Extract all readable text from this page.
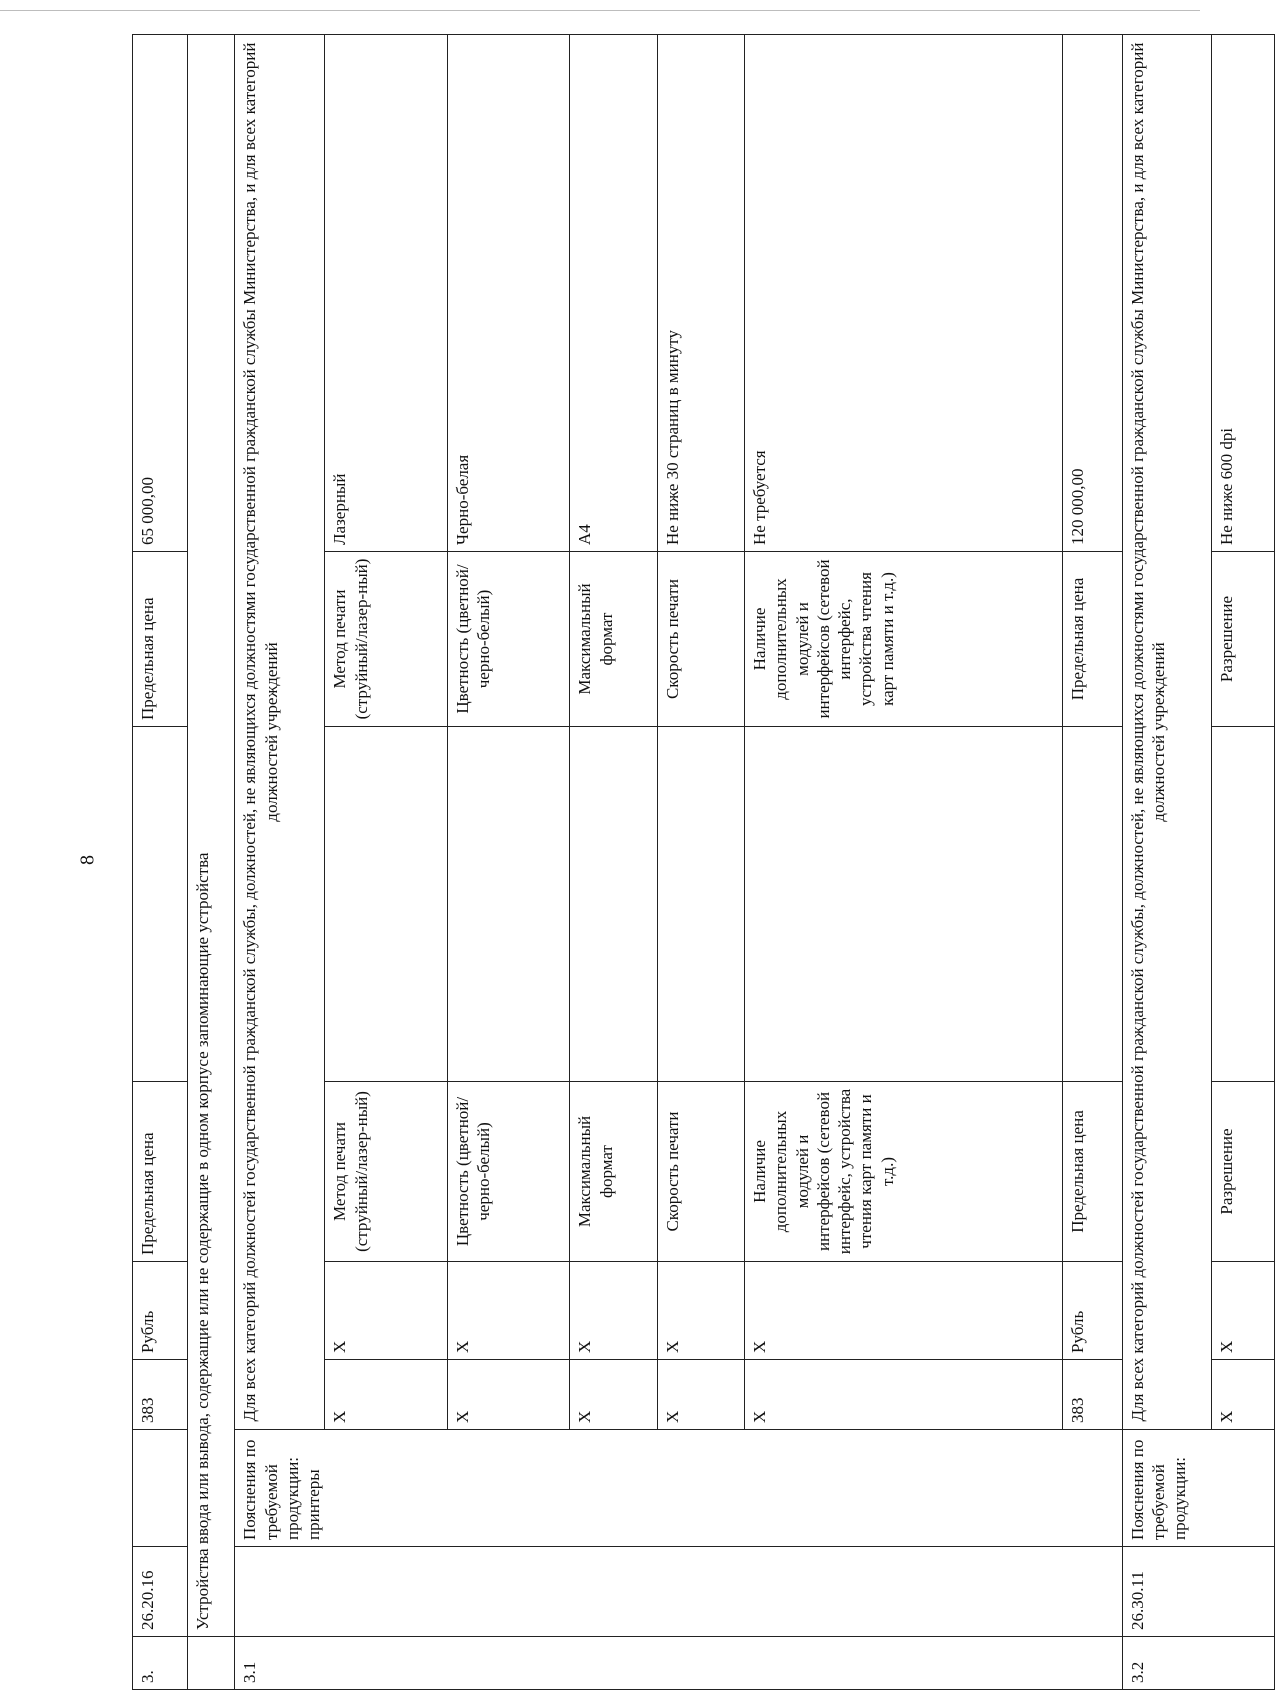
8
3.	26.20.16		383	Рубль	Предельная цена		Предельная цена	65 000,00
	Устройства ввода или вывода, содержащие или не содержащие в одном корпусе запоминающие устройства							
3.1		Пояснения по требуемой продукции: принтеры	Для всех категорий должностей государственной гражданской службы, должностей, не являющихся должностями государственной гражданской службы Министерства, и для всех категорий должностей учреждений					
			X	X	Метод печати (струйный/лазер-ный)		Метод печати (струйный/лазер-ный)	Лазерный
			X	X	Цветность (цветной/черно-белый)		Цветность (цветной/черно-белый)	Черно-белая
			X	X	Максимальный формат		Максимальный формат	А4
			X	X	Скорость печати		Скорость печати	Не ниже 30 страниц в минуту
			X	X	Наличие дополнительных модулей и интерфейсов (сетевой интерфейс, устройства чтения карт памяти и т.д.)		Наличие дополнительных модулей и интерфейсов (сетевой интерфейс, устройства чтения карт памяти и т.д.)	Не требуется
			383	Рубль	Предельная цена		Предельная цена	120 000,00
3.2	26.30.11	Пояснения по требуемой продукции:	Для всех категорий должностей государственной гражданской службы, должностей, не являющихся должностями государственной гражданской службы Министерства, и для всех категорий должностей учреждений					
			X	X	Разрешение		Разрешение	Не ниже 600 dpi
